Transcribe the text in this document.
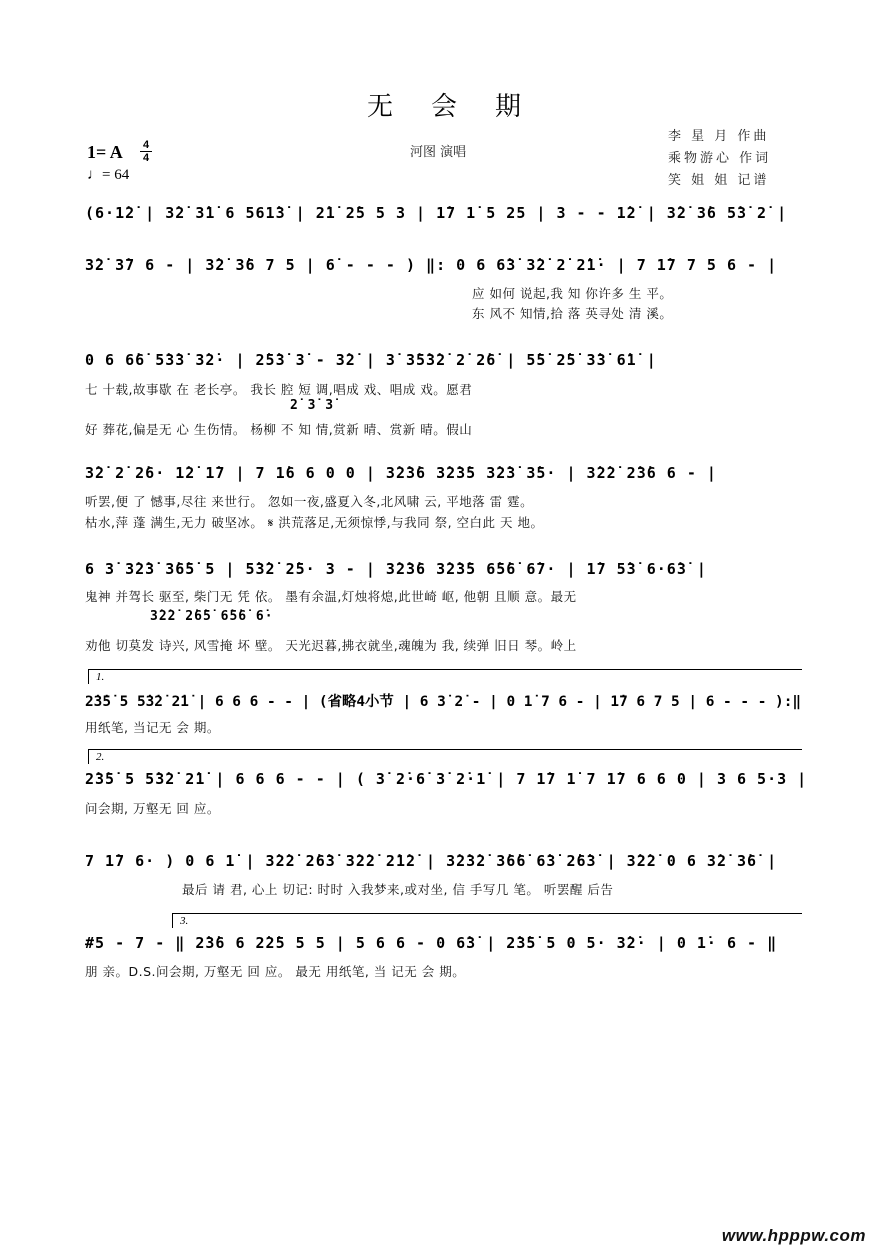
无会期
1= A 4
4
♩= 64
河图 演唱
李 星 月 作曲
乘物游心 作词
笑 姐 姐 记谱
(6·1̇2̇ | 3̇2̇ 3̇1̇ 6 561̇3̇ | 2̇1̇ 2̇5 5 3 | 1̇7 1̇ 5 25 | 3 - - 1̇2̇ | 3̇2̇ 3̇6 5̇3̇ 2̇ |
3̇2̇ 3̇7 6 - | 3̇2̇ 3̇6 7 5 | 6̇ - - - ) ‖: 0 6 6̇3̇ 3̇2̇ 2̇ 2̇1̇· | 7 1̇7 7 5 6 - |
应 如何 说起,我 知 你许多 生 平。
东 风不 知情,拾 落 英寻处 清 溪。
0 6 6̇6̇ 5̇3̇3̇ 3̇2̇· | 2̇5̇3̇ 3̇ - 3̇2̇ | 3̇ 3̇5̇3̇2̇ 2̇ 2̇6̇ | 5̇5̇ 2̇5̇ 3̇3̇ 6̇1̇ |
七 十载,故事歇 在 老长亭。 我长 腔 短 调,唱成 戏、唱成 戏。愿君
2̇ 3̇ 3̇
好 葬花,偏是无 心 生伤情。 杨柳 不 知 情,赏新 晴、赏新 晴。假山
3̇2̇ 2̇ 2̇6· 1̇2̇ 1̇7 | 7 1̇6 6 0 0 | 3̇2̇3̇6 3̇2̇3̇5 3̇2̇3̇ 3̇5· | 3̇2̇2̇ 2̇3̇6 6 - |
听罢,便 了 憾事,尽往 来世行。 忽如一夜,盛夏入冬,北风啸 云, 平地落 雷 霆。
枯水,萍 蓬 满生,无力 破坚冰。 𝄋 洪荒落足,无须惊悸,与我同 祭, 空白此 天 地。
6 3̇ 3̇2̇3̇ 3̇6̇5̇ 5 | 5̇3̇2̇ 2̇5· 3 - | 3̇2̇3̇6 3̇2̇3̇5 6̇5̇6̇ 6̇7· | 1̇7 5̇3̇ 6·6̇3̇ |
鬼神 并驾长 驱至, 柴门无 凭 依。 墨有余温,灯烛将熄,此世崎 岖, 他朝 且顺 意。最无
3̇2̇2̇ 2̇6̇5̇ 6̇5̇6̇ 6̇·
劝他 切莫发 诗兴, 风雪掩 坏 壁。 天光迟暮,拂衣就坐,魂魄为 我, 续弹 旧日 琴。岭上
1.
2̇3̇5̇ 5 5̇3̇2̇ 2̇1̇ | 6 6 6 - - | (省略4小节 | 6 3̇ 2̇ - | 0 1̇ 7 6 - | 1̇7 6 7 5 | 6 - - - ):‖
用纸笔, 当记无 会 期。
2.
2̇3̇5̇ 5 5̇3̇2̇ 2̇1̇ | 6 6 6 - - | ( 3̇ 2̇·6̇ 3̇ 2̇·1̇ | 7 1̇7 1̇ 7 1̇7 6 6 0 | 3 6 5·3 |
问会期, 万壑无 回 应。
7 1̇7 6· ) 0 6 1̇ | 3̇2̇2̇ 2̇6̇3̇ 3̇2̇2̇ 2̇1̇2̇ | 3̇2̇3̇2̇ 3̇6̇6̇ 6̇3̇ 2̇6̇3̇ | 3̇2̇2̇ 0 6 3̇2̇ 3̇6̇ |
最后 请 君, 心上 切记: 时时 入我梦来,或对坐, 信 手写几 笔。 听罢醒 后告
3.
#5 - 7 - ‖ 2̇3̇6 6 2̇2̇5 5 5 | 5 6 6 - 0 6̇3̇ | 2̇3̇5̇ 5 0 5· 3̇2̇· | 0 1̇· 6 - ‖
朋 亲。D.S.问会期, 万壑无 回 应。 最无 用纸笔, 当 记无 会 期。
www.hpppw.com
